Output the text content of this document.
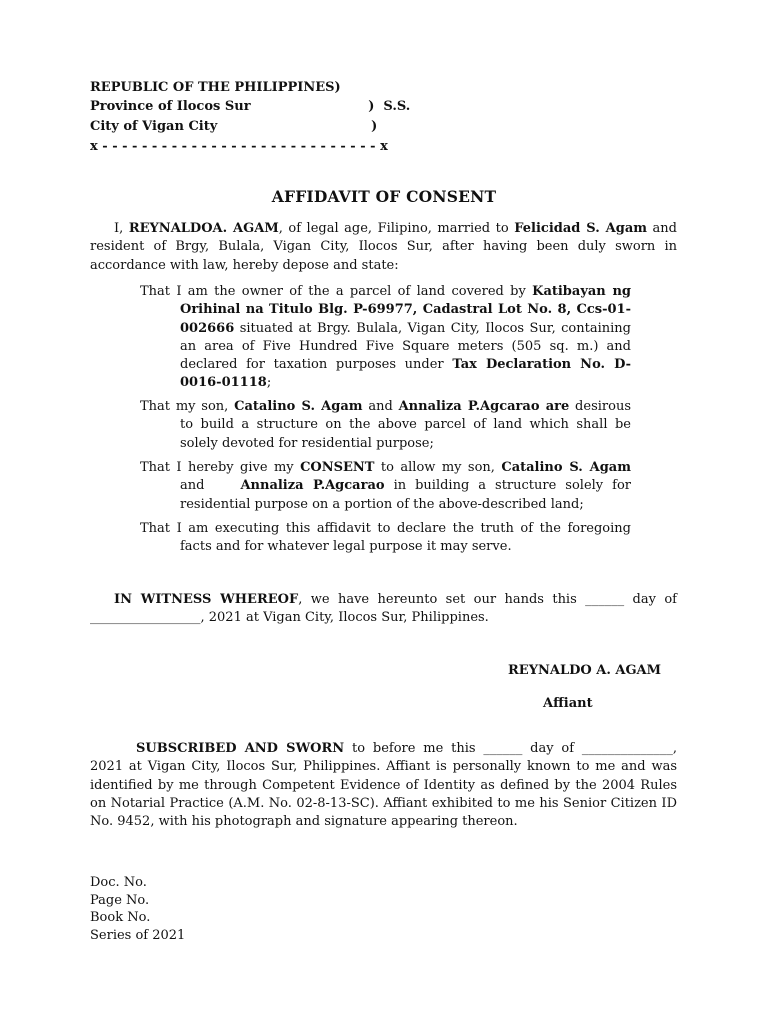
REPUBLIC OF THE PHILIPPINES)
Province of Ilocos Sur                          )  S.S.
City of Vigan City                                  )
x - - - - - - - - - - - - - - - - - - - - - - - - - - - - x
AFFIDAVIT OF CONSENT
I, REYNALDOA. AGAM, of legal age, Filipino, married to Felicidad S. Agam and resident of Brgy, Bulala, Vigan City, Ilocos Sur, after having been duly sworn in accordance with law, hereby depose and state:
That I am the owner of the a parcel of land covered by Katibayan ng Orihinal na Titulo Blg. P-69977, Cadastral Lot No. 8, Ccs-01-002666 situated at Brgy. Bulala, Vigan City, Ilocos Sur, containing an area of Five Hundred Five Square meters (505 sq. m.) and declared for taxation purposes under Tax Declaration No. D-0016-01118;
That my son, Catalino S. Agam and Annaliza P.Agcarao are desirous to build a structure on the above parcel of land which shall be solely devoted for residential purpose;
That I hereby give my CONSENT to allow my son, Catalino S. Agam and    Annaliza P.Agcarao in building a structure solely for residential purpose on a portion of the above-described land;
That I am executing this affidavit to declare the truth of the foregoing facts and for whatever legal purpose it may serve.
IN WITNESS WHEREOF, we have hereunto set our hands this ______ day of _________________, 2021 at Vigan City, Ilocos Sur, Philippines.
REYNALDO A. AGAM
Affiant
SUBSCRIBED AND SWORN to before me this ______ day of ______________, 2021 at Vigan City, Ilocos Sur, Philippines. Affiant is personally known to me and was identified by me through Competent Evidence of Identity as defined by the 2004 Rules on Notarial Practice (A.M. No. 02-8-13-SC). Affiant exhibited to me his Senior Citizen ID No. 9452, with his photograph and signature appearing thereon.
Doc. No.
Page No.
Book No.
Series of 2021
